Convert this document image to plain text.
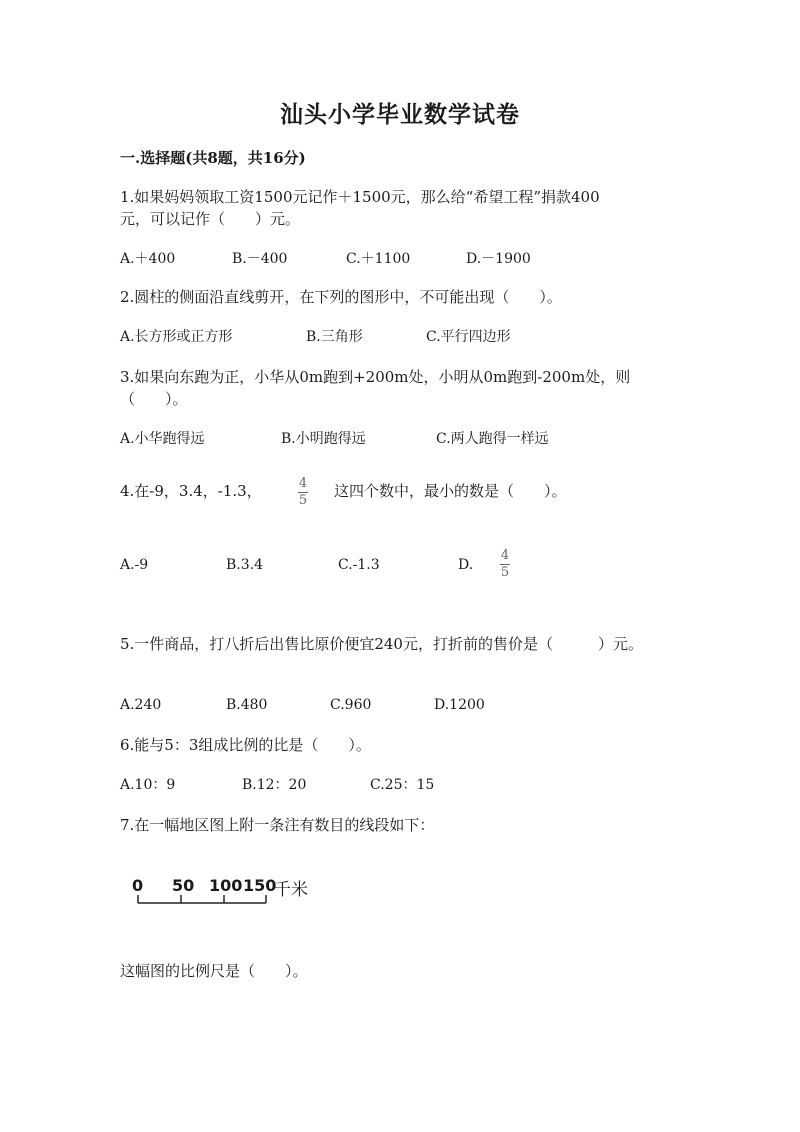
汕头小学毕业数学试卷
一.选择题(共8题，共16分)
1.如果妈妈领取工资1500元记作＋1500元，那么给“希望工程”捐款400
元，可以记作（　　）元。
A.＋400	B.－400	C.＋1100	D.－1900
2.圆柱的侧面沿直线剪开，在下列的图形中，不可能出现（　　）。
A.长方形或正方形	B.三角形	C.平行四边形
3.如果向东跑为正，小华从0m跑到+200m处，小明从0m跑到-200m处，则
（　　）。
A.小华跑得远	B.小明跑得远	C.两人跑得一样远
4.在-9，3.4，-1.3，	4
5
这四个数中，最小的数是（　　）。
A.-9	B.3.4	C.-1.3	D.
4
5
5.一件商品，打八折后出售比原价便宜240元，打折前的售价是（　　　）元。
A.240	B.480	C.960	D.1200
6.能与5：3组成比例的比是（　　）。
A.10：9	B.12：20	C.25：15
7.在一幅地区图上附一条注有数目的线段如下：
0 50 100 150
千米
这幅图的比例尺是（　　）。
